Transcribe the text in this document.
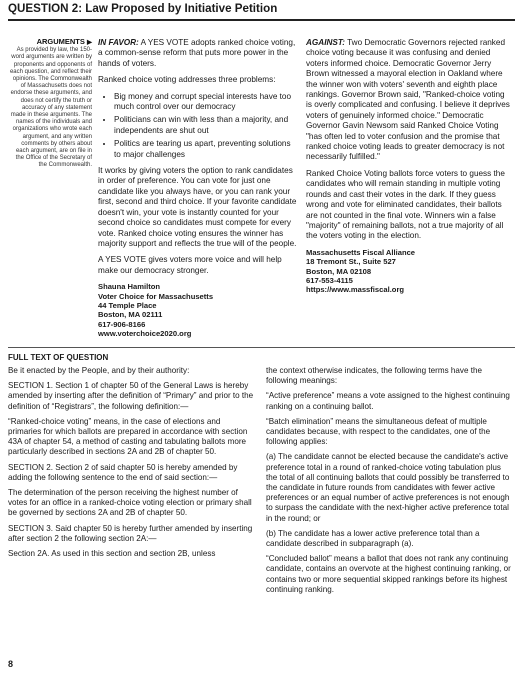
QUESTION 2: Law Proposed by Initiative Petition
ARGUMENTS ▶
As provided by law, the 150-word arguments are written by proponents and opponents of each question, and reflect their opinions. The Commonwealth of Massachusetts does not endorse these arguments, and does not certify the truth or accuracy of any statement made in these arguments. The names of the individuals and organizations who wrote each argument, and any written comments by others about each argument, are on file in the Office of the Secretary of the Commonwealth.

IN FAVOR: A YES VOTE adopts ranked choice voting, a common-sense reform that puts more power in the hands of voters.

Ranked choice voting addresses three problems:

• Big money and corrupt special interests have too much control over our democracy
• Politicians can win with less than a majority, and independents are shut out
• Politics are tearing us apart, preventing solutions to major challenges

It works by giving voters the option to rank candidates in order of preference. You can vote for just one candidate like you always have, or you can rank your first, second and third choice. If your favorite candidate doesn't win, your vote is instantly counted for your second choice so candidates must compete for every vote. Ranked choice voting ensures the winner has majority support and reflects the true will of the people.

A YES VOTE gives voters more voice and will help make our democracy stronger.

Shauna Hamilton
Voter Choice for Massachusetts
44 Temple Place
Boston, MA 02111
617-906-8166
www.voterchoice2020.org

AGAINST: Two Democratic Governors rejected ranked choice voting because it was confusing and denied voters informed choice. Democratic Governor Jerry Brown witnessed a mayoral election in Oakland where the winner won with voters' seventh and eighth place rankings. Governor Brown said, "Ranked-choice voting is overly complicated and confusing. I believe it deprives voters of genuinely informed choice." Democratic Governor Gavin Newsom said Ranked Choice Voting "has often led to voter confusion and the promise that ranked choice voting leads to greater democracy is not necessarily fulfilled."

Ranked Choice Voting ballots force voters to guess the candidates who will remain standing in multiple voting rounds and cast their votes in the dark. If they guess wrong and vote for eliminated candidates, their ballots are not counted in the final vote. Winners win a false "majority" of remaining ballots, not a true majority of all the voters voting in the election.

Massachusetts Fiscal Alliance
18 Tremont St., Suite 527
Boston, MA 02108
617-553-4115
https://www.massfiscal.org
FULL TEXT OF QUESTION

Be it enacted by the People, and by their authority:

SECTION 1. Section 1 of chapter 50 of the General Laws is hereby amended by inserting after the definition of “Primary” and prior to the definition of “Registrars”, the following definition:—

“Ranked-choice voting” means, in the case of elections and primaries for which ballots are prepared in accordance with section 43A of chapter 54, a method of casting and tabulating ballots more particularly described in sections 2A and 2B of chapter 50.

SECTION 2. Section 2 of said chapter 50 is hereby amended by adding the following sentence to the end of said section:—

The determination of the person receiving the highest number of votes for an office in a ranked-choice voting election or primary shall be governed by sections 2A and 2B of chapter 50.

SECTION 3. Said chapter 50 is hereby further amended by inserting after section 2 the following section 2A:—

Section 2A. As used in this section and section 2B, unless

the context otherwise indicates, the following terms have the following meanings:

“Active preference” means a vote assigned to the highest continuing ranking on a continuing ballot.

“Batch elimination” means the simultaneous defeat of multiple candidates because, with respect to the candidates, one of the following applies:

(a) The candidate cannot be elected because the candidate's active preference total in a round of ranked-choice voting tabulation plus the total of all continuing ballots that could possibly be transferred to the candidate in future rounds from candidates with fewer active preferences or an equal number of active preferences is not enough to surpass the candidate with the next-higher active preference total in the round; or

(b) The candidate has a lower active preference total than a candidate described in subparagraph (a).

“Concluded ballot” means a ballot that does not rank any continuing candidate, contains an overvote at the highest continuing ranking, or contains two or more sequential skipped rankings before its highest continuing ranking.

8
